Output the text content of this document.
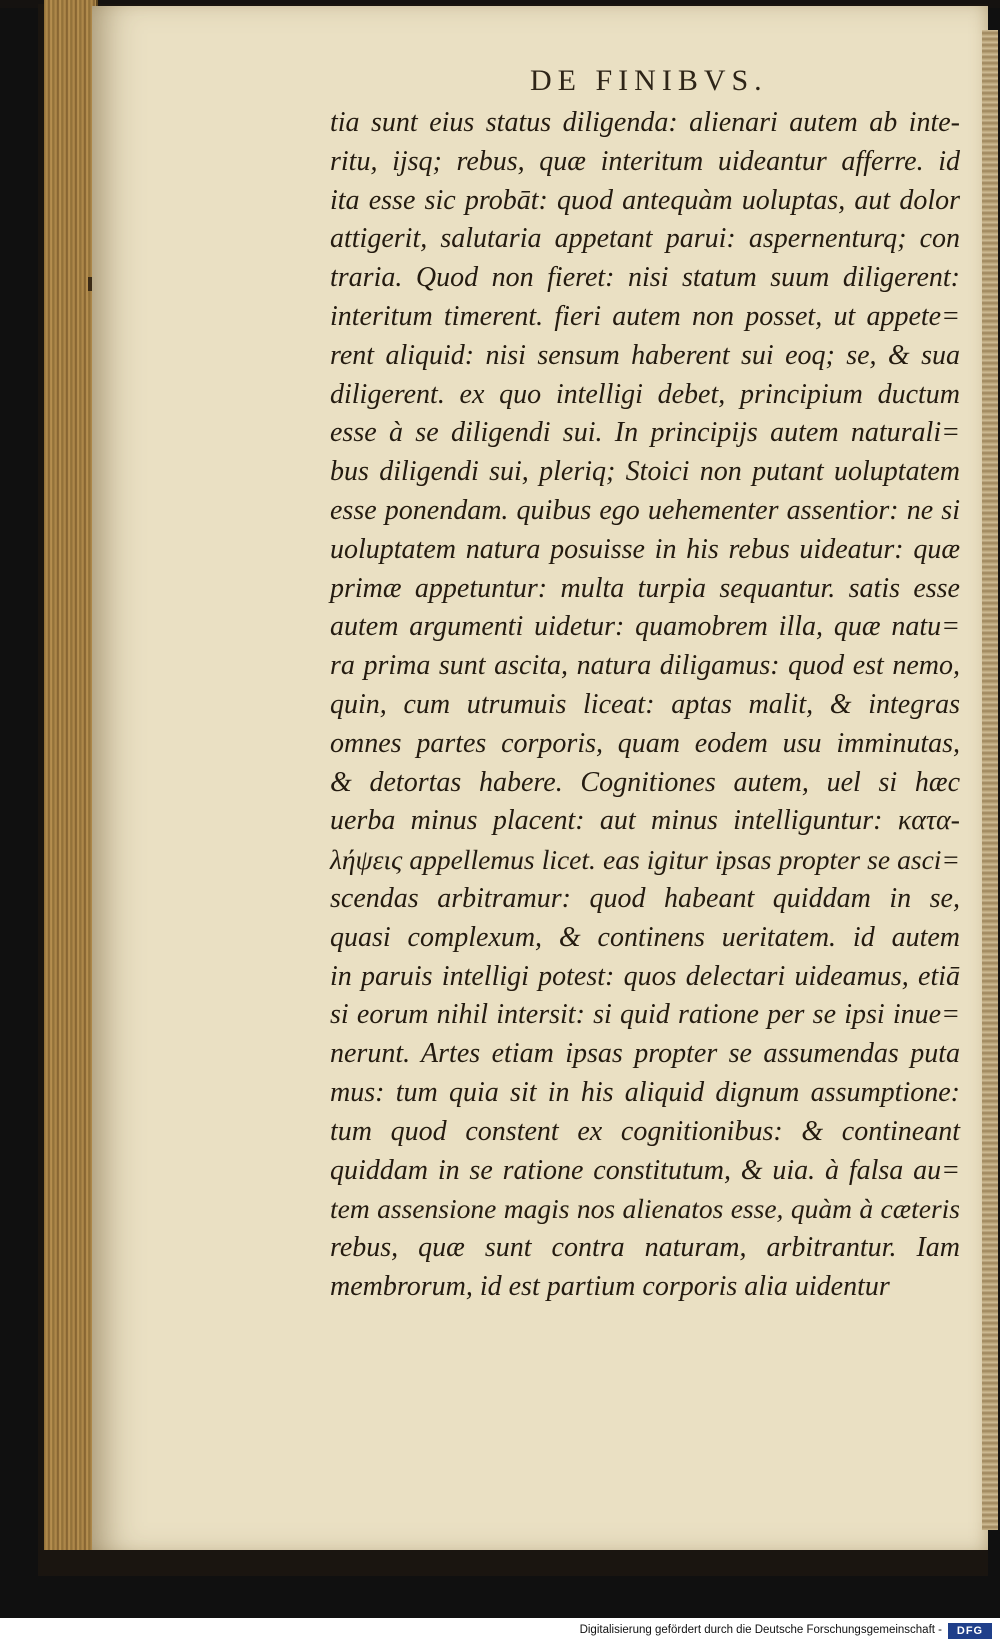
DE FINIBVS.
tia sunt eius status diligenda: alienari autem ab inte-
ritu, ijsq; rebus, quæ interitum uideantur afferre. id
ita esse sic probāt: quod antequàm uoluptas, aut dolor
attigerit, salutaria appetant parui: aspernenturq; con
traria. Quod non fieret: nisi statum suum diligerent:
interitum timerent. fieri autem non posset, ut appete=
rent aliquid: nisi sensum haberent sui eoq; se, & sua
diligerent. ex quo intelligi debet, principium ductum
esse à se diligendi sui. In principijs autem naturali=
bus diligendi sui, pleriq; Stoici non putant uoluptatem
esse ponendam. quibus ego uehementer assentior: ne si
uoluptatem natura posuisse in his rebus uideatur: quæ
primæ appetuntur: multa turpia sequantur. satis esse
autem argumenti uidetur: quamobrem illa, quæ natu=
ra prima sunt ascita, natura diligamus: quod est nemo,
quin, cum utrumuis liceat: aptas malit, & integras
omnes partes corporis, quam eodem usu imminutas,
& detortas habere. Cognitiones autem, uel si hæc
uerba minus placent: aut minus intelliguntur: κατα-
λήψεις appellemus licet. eas igitur ipsas propter se asci=
scendas arbitramur: quod habeant quiddam in se,
quasi complexum, & continens ueritatem. id autem
in paruis intelligi potest: quos delectari uideamus, etiā
si eorum nihil intersit: si quid ratione per se ipsi inue=
nerunt. Artes etiam ipsas propter se assumendas puta
mus: tum quia sit in his aliquid dignum assumptione:
tum quod constent ex cognitionibus: & contineant
quiddam in se ratione constitutum, & uia. à falsa au=
tem assensione magis nos alienatos esse, quàm à cæteris
rebus, quæ sunt contra naturam, arbitrantur. Iam
membrorum, id est partium corporis alia uidentur
Digitalisierung gefördert durch die Deutsche Forschungsgemeinschaft -	DFG
